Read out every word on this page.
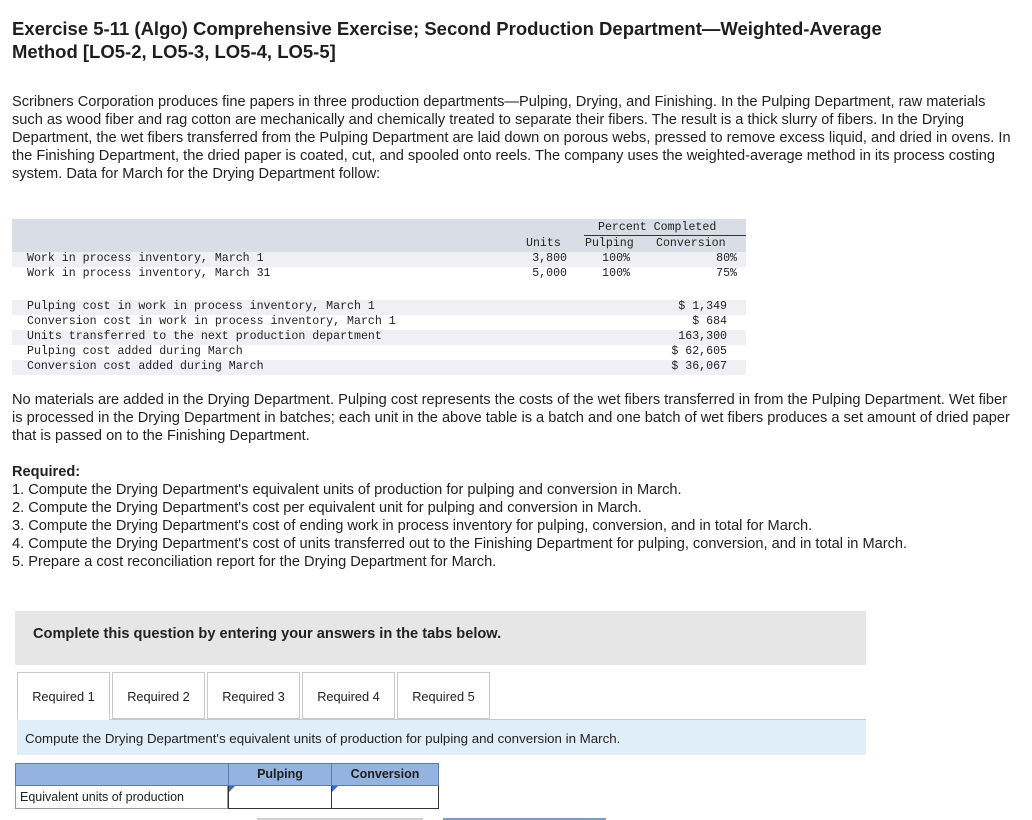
Exercise 5-11 (Algo) Comprehensive Exercise; Second Production Department—Weighted-Average
Method [LO5-2, LO5-3, LO5-4, LO5-5]
Scribners Corporation produces fine papers in three production departments—Pulping, Drying, and Finishing. In the Pulping Department, raw materials such as wood fiber and rag cotton are mechanically and chemically treated to separate their fibers. The result is a thick slurry of fibers. In the Drying Department, the wet fibers transferred from the Pulping Department are laid down on porous webs, pressed to remove excess liquid, and dried in ovens. In the Finishing Department, the dried paper is coated, cut, and spooled onto reels. The company uses the weighted-average method in its process costing system. Data for March for the Drying Department follow:
Percent Completed
Units Pulping Conversion
Work in process inventory, March 1	3,800	100%	80%
Work in process inventory, March 31	5,000	100%	75%
Pulping cost in work in process inventory, March 1	$ 1,349
Conversion cost in work in process inventory, March 1	$ 684
Units transferred to the next production department	163,300
Pulping cost added during March	$ 62,605
Conversion cost added during March	$ 36,067
No materials are added in the Drying Department. Pulping cost represents the costs of the wet fibers transferred in from the Pulping Department. Wet fiber is processed in the Drying Department in batches; each unit in the above table is a batch and one batch of wet fibers produces a set amount of dried paper that is passed on to the Finishing Department.
Required:
1. Compute the Drying Department's equivalent units of production for pulping and conversion in March.
2. Compute the Drying Department's cost per equivalent unit for pulping and conversion in March.
3. Compute the Drying Department's cost of ending work in process inventory for pulping, conversion, and in total for March.
4. Compute the Drying Department's cost of units transferred out to the Finishing Department for pulping, conversion, and in total in March.
5. Prepare a cost reconciliation report for the Drying Department for March.
Complete this question by entering your answers in the tabs below.
Required 1	Required 2	Required 3	Required 4	Required 5
Compute the Drying Department's equivalent units of production for pulping and conversion in March.
Pulping	Conversion
Equivalent units of production
